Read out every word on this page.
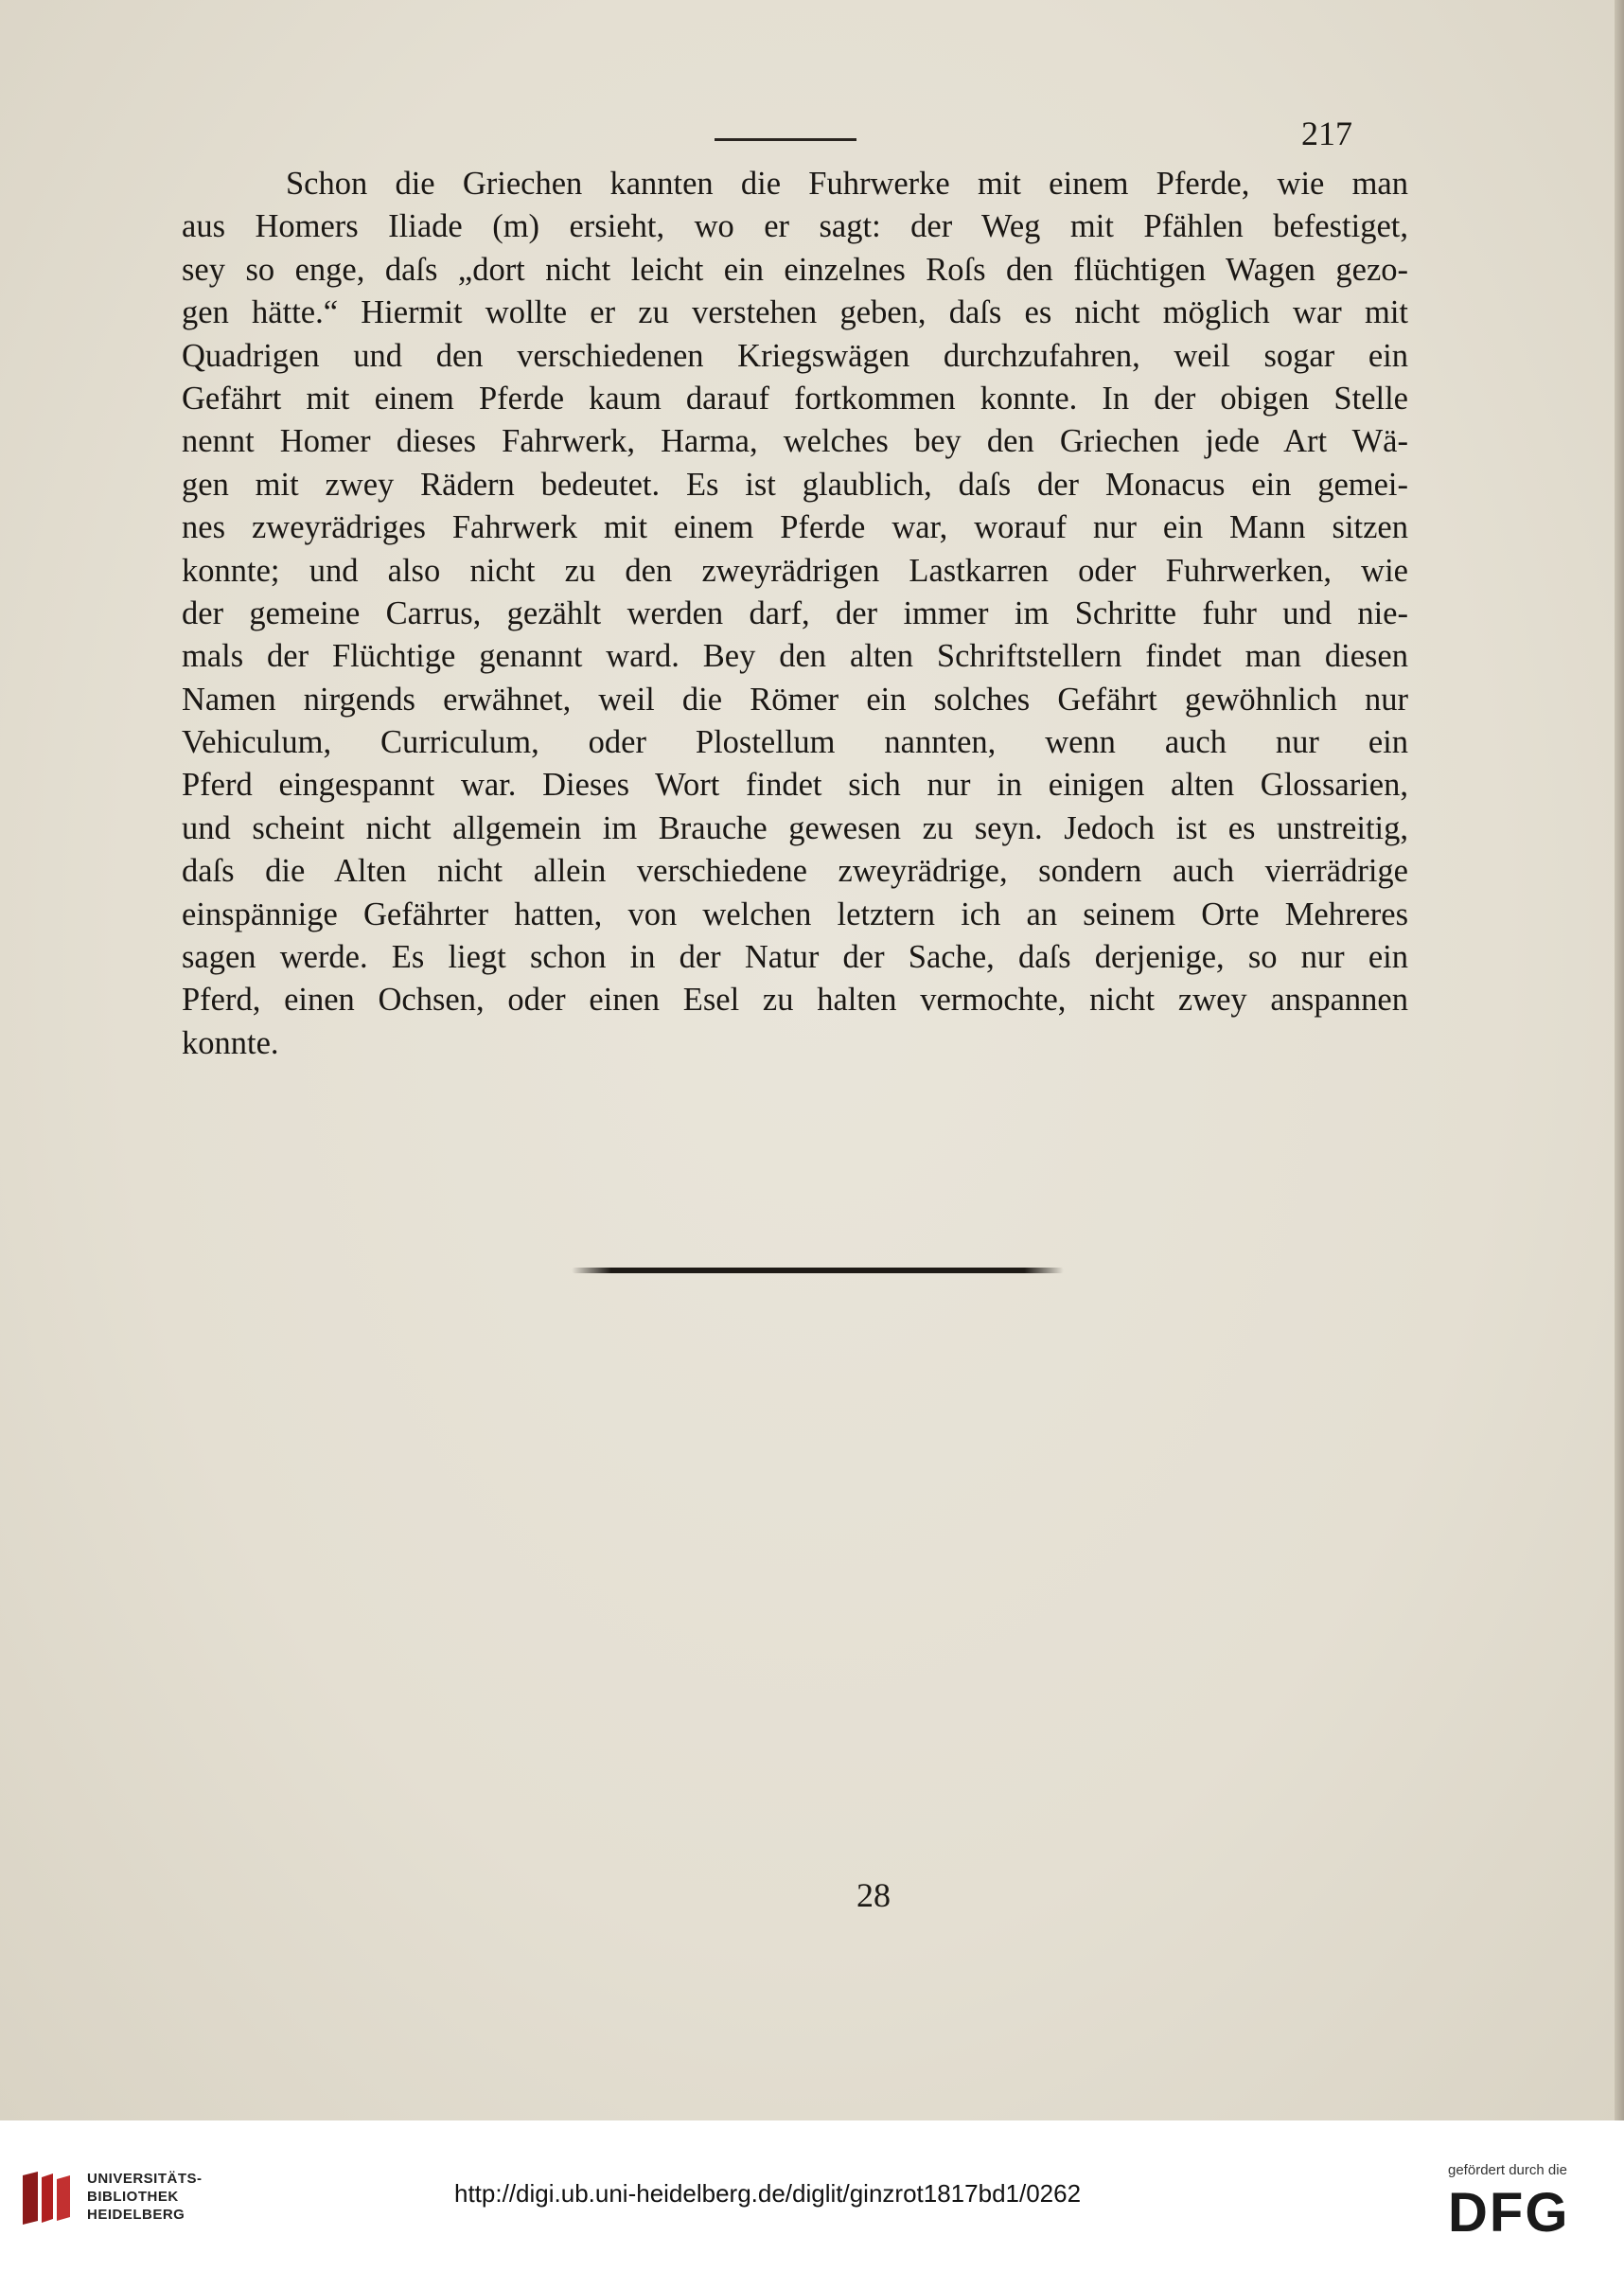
217
Schon die Griechen kannten die Fuhrwerke mit einem Pferde, wie man
aus Homers Iliade (m) ersieht, wo er sagt: der Weg mit Pfählen befestiget,
sey so enge, daſs „dort nicht leicht ein einzelnes Roſs den flüchtigen Wagen gezo-
gen hätte.“ Hiermit wollte er zu verstehen geben, daſs es nicht möglich war mit
Quadrigen und den verschiedenen Kriegswägen durchzufahren, weil sogar ein
Gefährt mit einem Pferde kaum darauf fortkommen konnte. In der obigen Stelle
nennt Homer dieses Fahrwerk, Harma, welches bey den Griechen jede Art Wä-
gen mit zwey Rädern bedeutet. Es ist glaublich, daſs der Monacus ein gemei-
nes zweyrädriges Fahrwerk mit einem Pferde war, worauf nur ein Mann sitzen
konnte; und also nicht zu den zweyrädrigen Lastkarren oder Fuhrwerken, wie
der gemeine Carrus, gezählt werden darf, der immer im Schritte fuhr und nie-
mals der Flüchtige genannt ward. Bey den alten Schriftstellern findet man diesen
Namen nirgends erwähnet, weil die Römer ein solches Gefährt gewöhnlich nur
Vehiculum, Curriculum, oder Plostellum nannten, wenn auch nur ein
Pferd eingespannt war. Dieses Wort findet sich nur in einigen alten Glossarien,
und scheint nicht allgemein im Brauche gewesen zu seyn. Jedoch ist es unstreitig,
daſs die Alten nicht allein verschiedene zweyrädrige, sondern auch vierrädrige
einspännige Gefährter hatten, von welchen letztern ich an seinem Orte Mehreres
sagen werde. Es liegt schon in der Natur der Sache, daſs derjenige, so nur ein
Pferd, einen Ochsen, oder einen Esel zu halten vermochte, nicht zwey anspannen
konnte.
28
UNIVERSITÄTS-
BIBLIOTHEK
HEIDELBERG
http://digi.ub.uni-heidelberg.de/diglit/ginzrot1817bd1/0262
gefördert durch die
DFG
